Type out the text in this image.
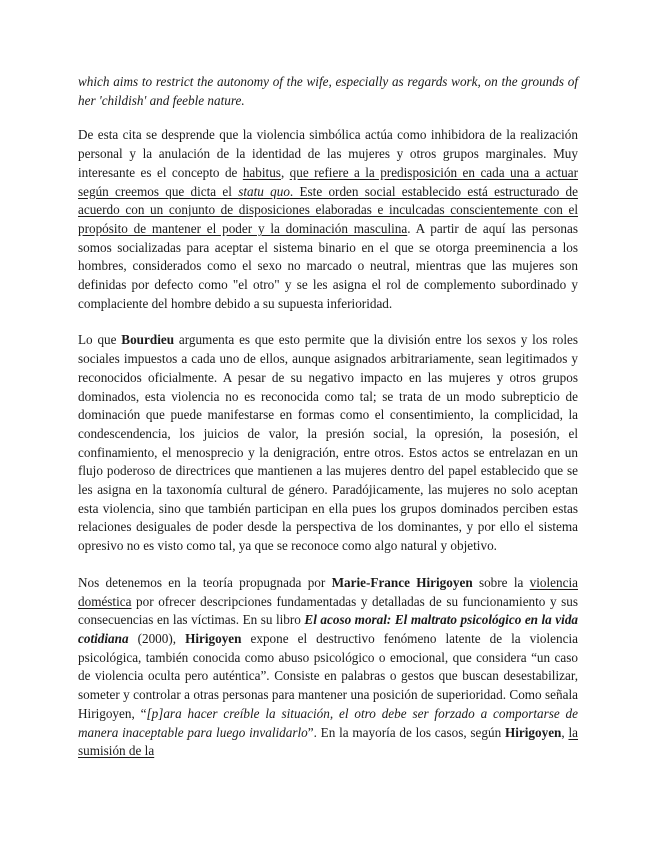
which aims to restrict the autonomy of the wife, especially as regards work, on the grounds of her 'childish' and feeble nature.

De esta cita se desprende que la violencia simbólica actúa como inhibidora de la realización personal y la anulación de la identidad de las mujeres y otros grupos marginales. Muy interesante es el concepto de habitus, que refiere a la predisposición en cada una a actuar según creemos que dicta el statu quo. Este orden social establecido está estructurado de acuerdo con un conjunto de disposiciones elaboradas e inculcadas conscientemente con el propósito de mantener el poder y la dominación masculina. A partir de aquí las personas somos socializadas para aceptar el sistema binario en el que se otorga preeminencia a los hombres, considerados como el sexo no marcado o neutral, mientras que las mujeres son definidas por defecto como "el otro" y se les asigna el rol de complemento subordinado y complaciente del hombre debido a su supuesta inferioridad.

Lo que Bourdieu argumenta es que esto permite que la división entre los sexos y los roles sociales impuestos a cada uno de ellos, aunque asignados arbitrariamente, sean legitimados y reconocidos oficialmente. A pesar de su negativo impacto en las mujeres y otros grupos dominados, esta violencia no es reconocida como tal; se trata de un modo subrepticio de dominación que puede manifestarse en formas como el consentimiento, la complicidad, la condescendencia, los juicios de valor, la presión social, la opresión, la posesión, el confinamiento, el menosprecio y la denigración, entre otros. Estos actos se entrelazan en un flujo poderoso de directrices que mantienen a las mujeres dentro del papel establecido que se les asigna en la taxonomía cultural de género. Paradójicamente, las mujeres no solo aceptan esta violencia, sino que también participan en ella pues los grupos dominados perciben estas relaciones desiguales de poder desde la perspectiva de los dominantes, y por ello el sistema opresivo no es visto como tal, ya que se reconoce como algo natural y objetivo.

Nos detenemos en la teoría propugnada por Marie-France Hirigoyen sobre la violencia doméstica por ofrecer descripciones fundamentadas y detalladas de su funcionamiento y sus consecuencias en las víctimas. En su libro El acoso moral: El maltrato psicológico en la vida cotidiana (2000), Hirigoyen expone el destructivo fenómeno latente de la violencia psicológica, también conocida como abuso psicológico o emocional, que considera “un caso de violencia oculta pero auténtica”. Consiste en palabras o gestos que buscan desestabilizar, someter y controlar a otras personas para mantener una posición de superioridad. Como señala Hirigoyen, “[p]ara hacer creíble la situación, el otro debe ser forzado a comportarse de manera inaceptable para luego invalidarlo”. En la mayoría de los casos, según Hirigoyen, la sumisión de la
